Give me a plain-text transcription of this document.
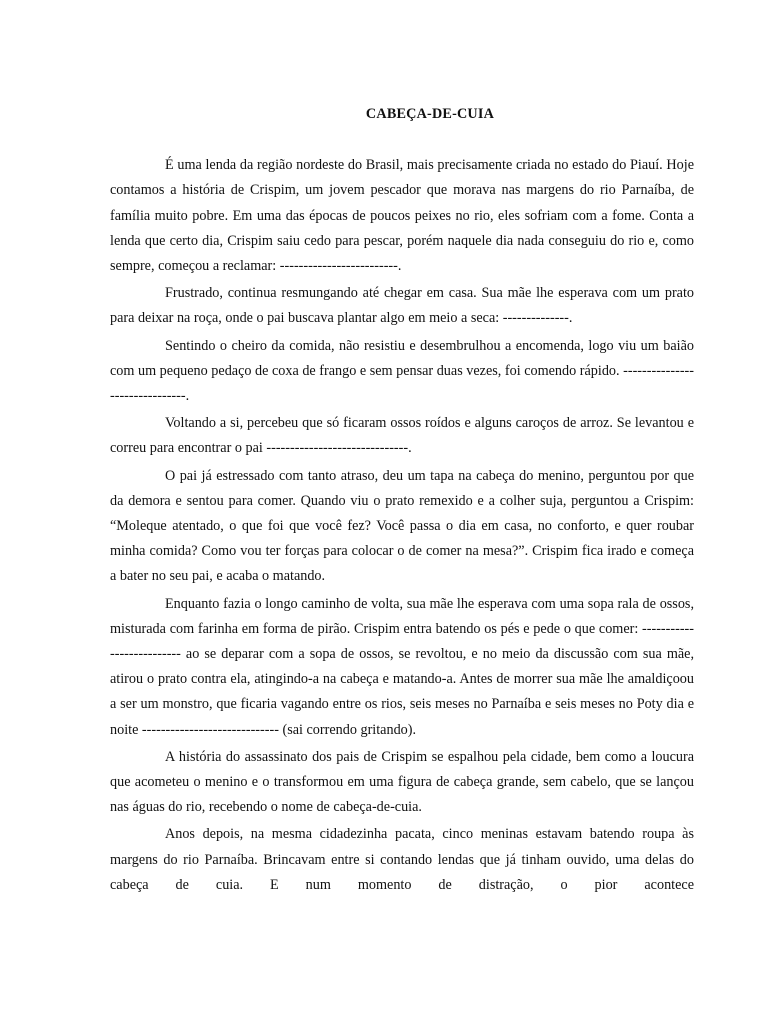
CABEÇA-DE-CUIA

É uma lenda da região nordeste do Brasil, mais precisamente criada no estado do Piauí. Hoje contamos a história de Crispim, um jovem pescador que morava nas margens do rio Parnaíba, de família muito pobre. Em uma das épocas de poucos peixes no rio, eles sofriam com a fome. Conta a lenda que certo dia, Crispim saiu cedo para pescar, porém naquele dia nada conseguiu do rio e, como sempre, começou a reclamar: -------------------------.

Frustrado, continua resmungando até chegar em casa. Sua mãe lhe esperava com um prato para deixar na roça, onde o pai buscava plantar algo em meio a seca: --------------.

Sentindo o cheiro da comida, não resistiu e desembrulhou a encomenda, logo viu um baião com um pequeno pedaço de coxa de frango e sem pensar duas vezes, foi comendo rápido. -------------------------------.

Voltando a si, percebeu que só ficaram ossos roídos e alguns caroços de arroz. Se levantou e correu para encontrar o pai ------------------------------.

O pai já estressado com tanto atraso, deu um tapa na cabeça do menino, perguntou por que da demora e sentou para comer. Quando viu o prato remexido e a colher suja, perguntou a Crispim: “Moleque atentado, o que foi que você fez? Você passa o dia em casa, no conforto, e quer roubar minha comida? Como vou ter forças para colocar o de comer na mesa?”. Crispim fica irado e começa a bater no seu pai, e acaba o matando.

Enquanto fazia o longo caminho de volta, sua mãe lhe esperava com uma sopa rala de ossos, misturada com farinha em forma de pirão. Crispim entra batendo os pés e pede o que comer: -------------------------- ao se deparar com a sopa de ossos, se revoltou, e no meio da discussão com sua mãe, atirou o prato contra ela, atingindo-a na cabeça e matando-a. Antes de morrer sua mãe lhe amaldiçoou a ser um monstro, que ficaria vagando entre os rios, seis meses no Parnaíba e seis meses no Poty dia e noite ----------------------------- (sai correndo gritando).

A história do assassinato dos pais de Crispim se espalhou pela cidade, bem como a loucura que acometeu o menino e o transformou em uma figura de cabeça grande, sem cabelo, que se lançou nas águas do rio, recebendo o nome de cabeça-de-cuia.

Anos depois, na mesma cidadezinha pacata, cinco meninas estavam batendo roupa às margens do rio Parnaíba. Brincavam entre si contando lendas que já tinham ouvido, uma delas do cabeça de cuia. E num momento de distração, o pior acontece
